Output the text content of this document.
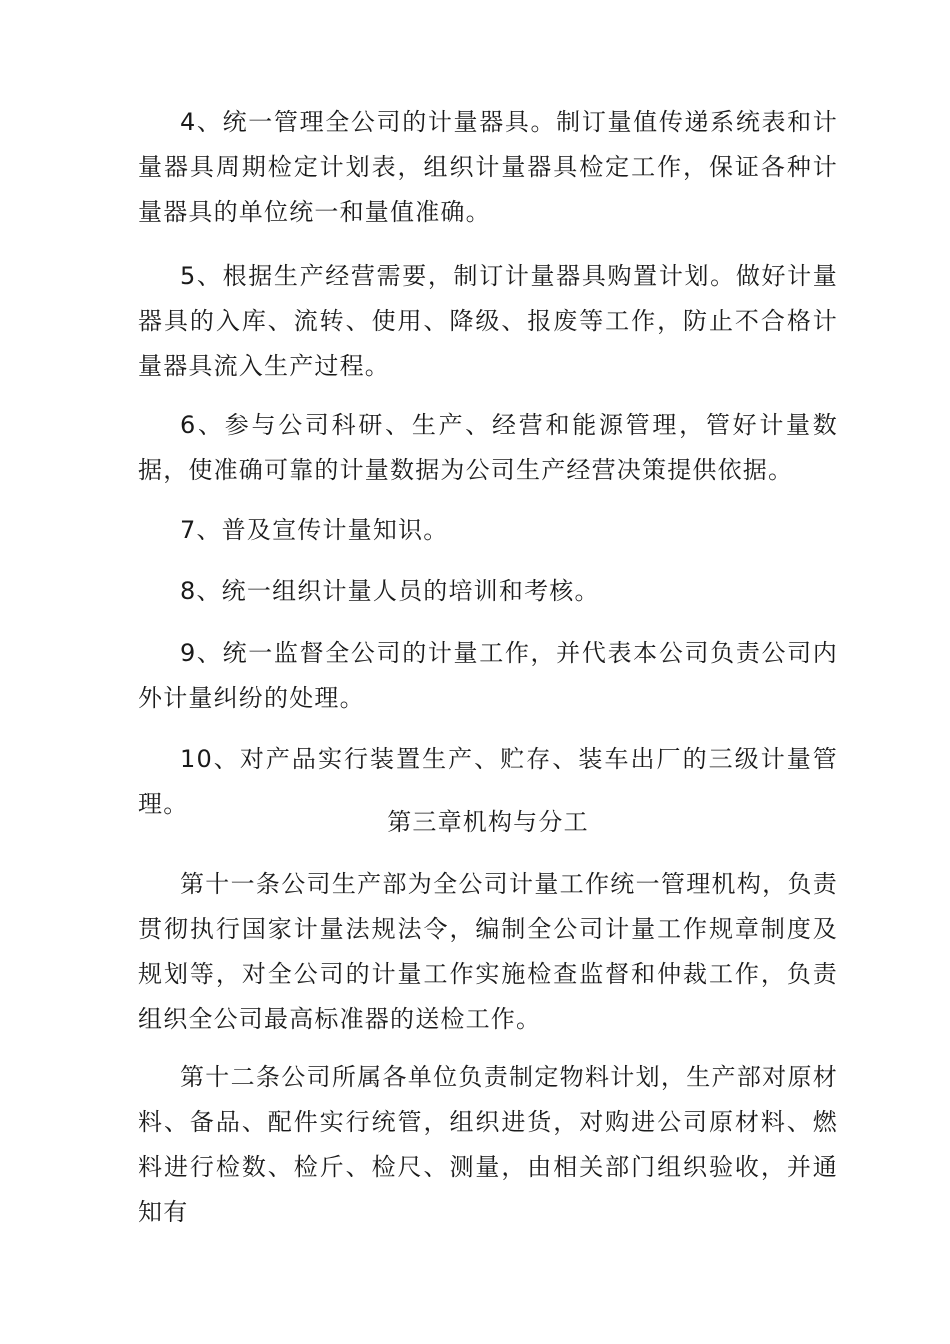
4、统一管理全公司的计量器具。制订量值传递系统表和计量器具周期检定计划表，组织计量器具检定工作，保证各种计量器具的单位统一和量值准确。

5、根据生产经营需要，制订计量器具购置计划。做好计量器具的入库、流转、使用、降级、报废等工作，防止不合格计量器具流入生产过程。

6、参与公司科研、生产、经营和能源管理，管好计量数据，使准确可靠的计量数据为公司生产经营决策提供依据。

7、普及宣传计量知识。

8、统一组织计量人员的培训和考核。

9、统一监督全公司的计量工作，并代表本公司负责公司内外计量纠纷的处理。

10、对产品实行装置生产、贮存、装车出厂的三级计量管理。

第三章机构与分工

第十一条公司生产部为全公司计量工作统一管理机构，负责贯彻执行国家计量法规法令，编制全公司计量工作规章制度及规划等，对全公司的计量工作实施检查监督和仲裁工作，负责组织全公司最高标准器的送检工作。

第十二条公司所属各单位负责制定物料计划，生产部对原材料、备品、配件实行统管，组织进货，对购进公司原材料、燃料进行检数、检斤、检尺、测量，由相关部门组织验收，并通知有
